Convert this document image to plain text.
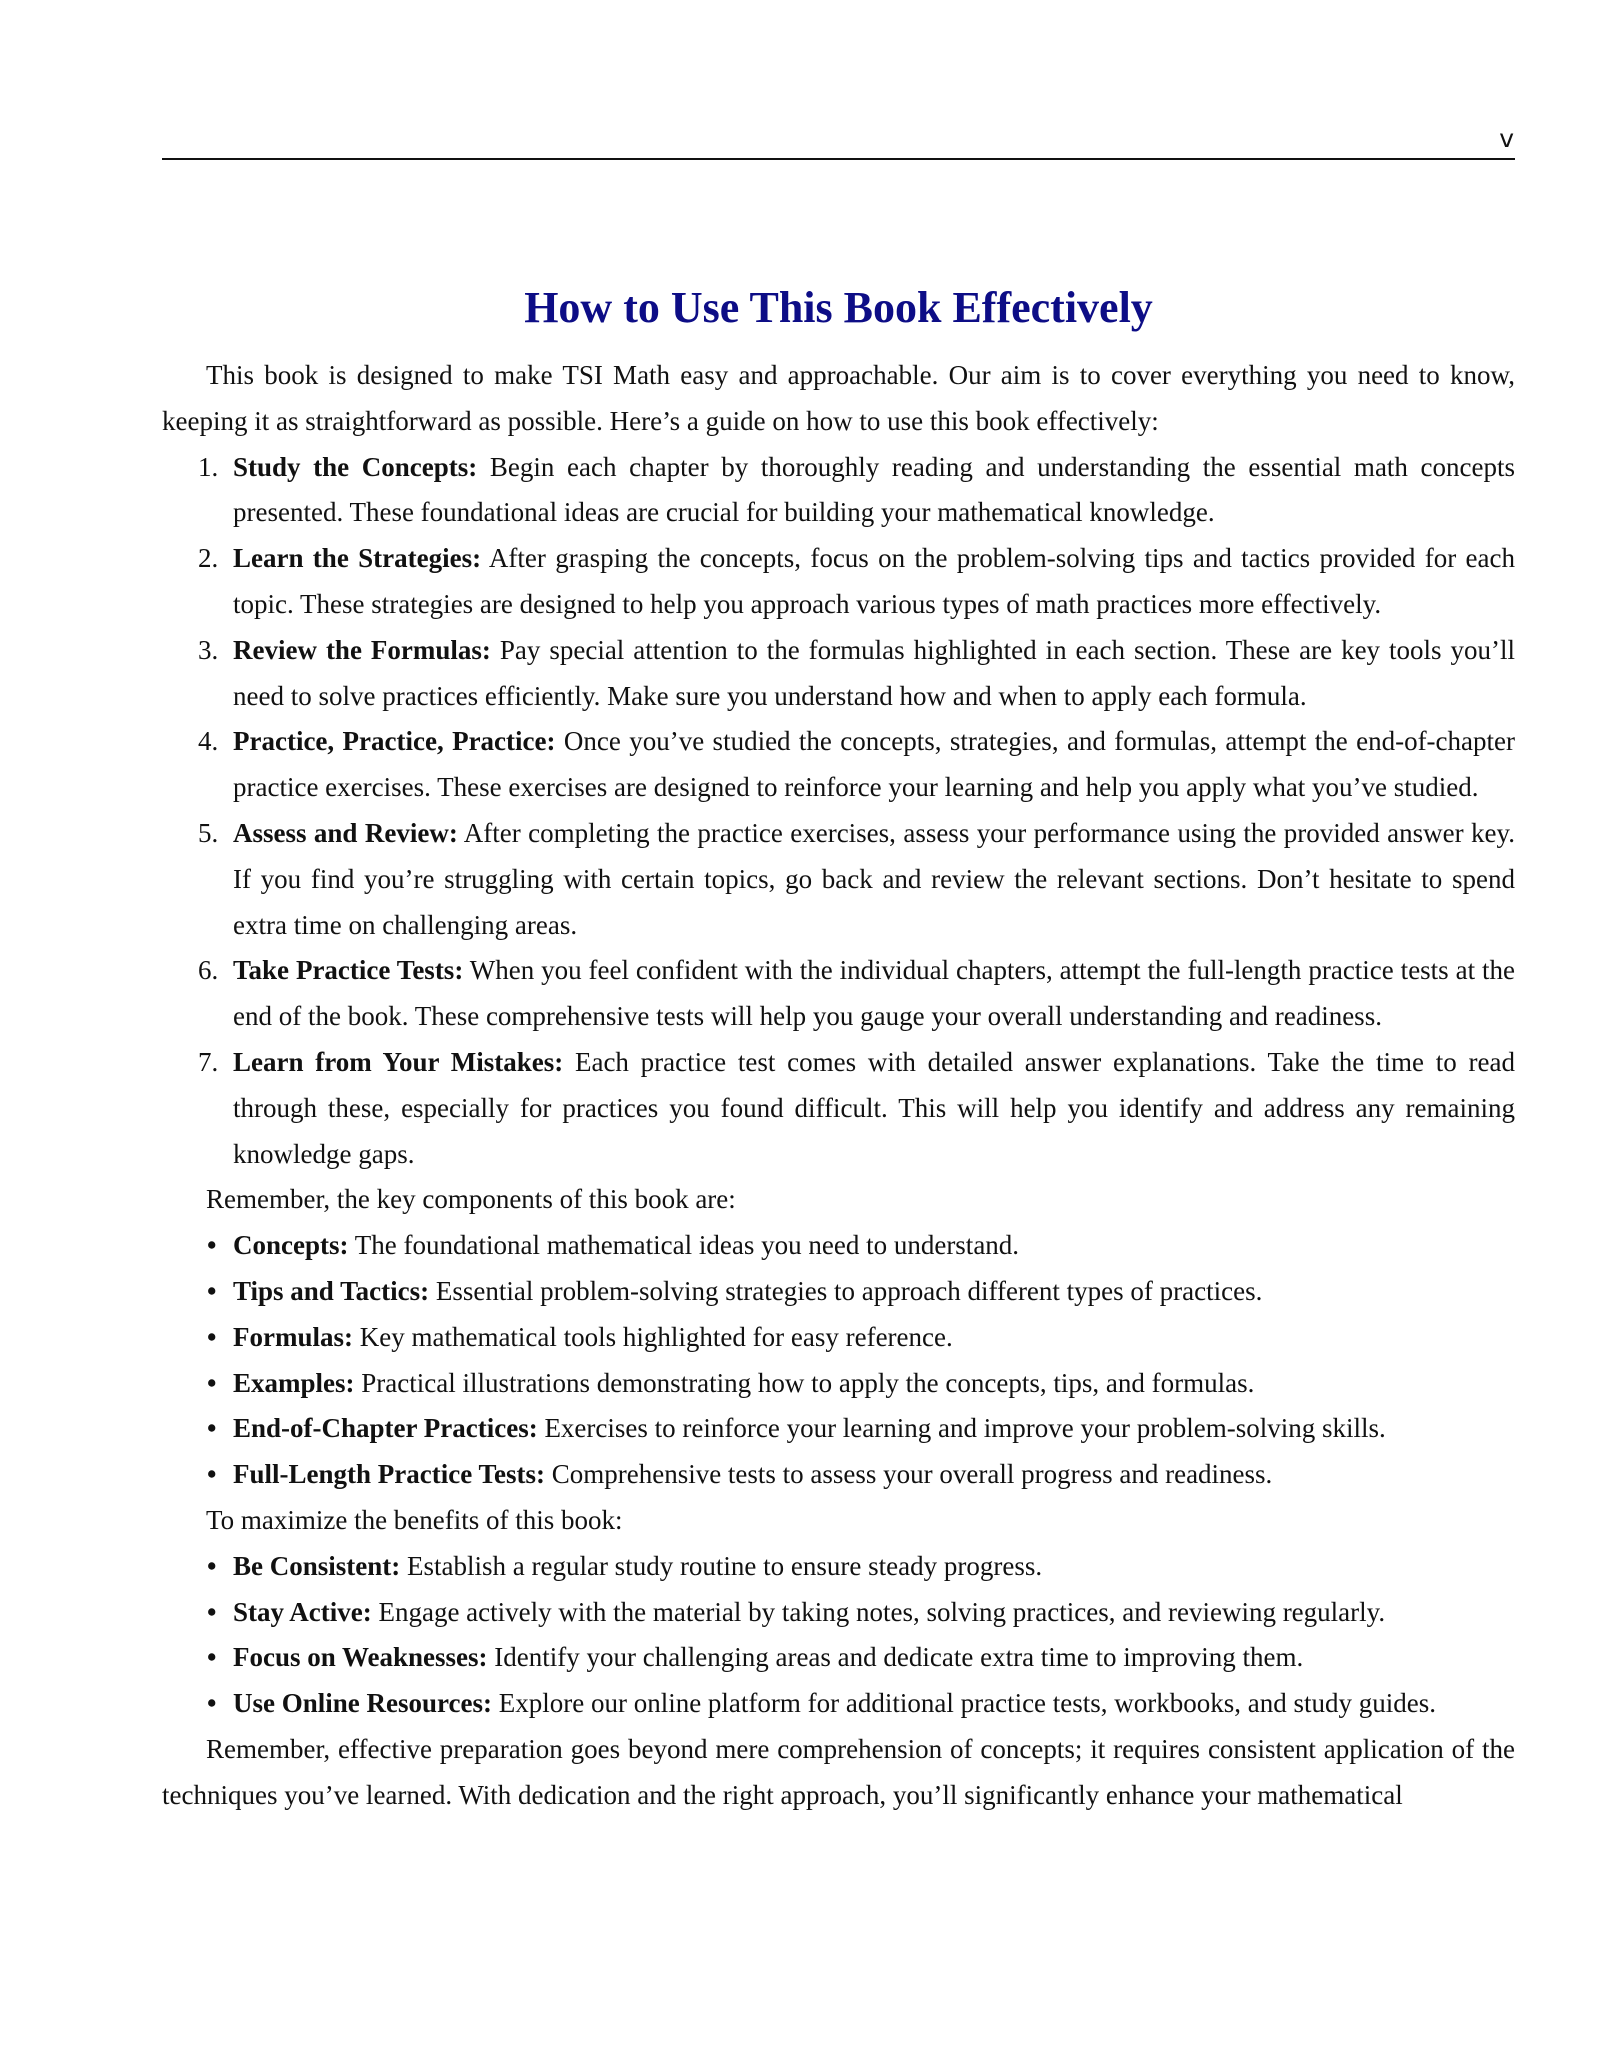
v
How to Use This Book Effectively

This book is designed to make TSI Math easy and approachable. Our aim is to cover everything you need to know, keeping it as straightforward as possible. Here’s a guide on how to use this book effectively:

1. Study the Concepts: Begin each chapter by thoroughly reading and understanding the essential math concepts presented. These foundational ideas are crucial for building your mathematical knowledge.
2. Learn the Strategies: After grasping the concepts, focus on the problem-solving tips and tactics provided for each topic. These strategies are designed to help you approach various types of math practices more effectively.
3. Review the Formulas: Pay special attention to the formulas highlighted in each section. These are key tools you’ll need to solve practices efficiently. Make sure you understand how and when to apply each formula.
4. Practice, Practice, Practice: Once you’ve studied the concepts, strategies, and formulas, attempt the end-of-chapter practice exercises. These exercises are designed to reinforce your learning and help you apply what you’ve studied.
5. Assess and Review: After completing the practice exercises, assess your performance using the provided answer key. If you find you’re struggling with certain topics, go back and review the relevant sections. Don’t hesitate to spend extra time on challenging areas.
6. Take Practice Tests: When you feel confident with the individual chapters, attempt the full-length practice tests at the end of the book. These comprehensive tests will help you gauge your overall understanding and readiness.
7. Learn from Your Mistakes: Each practice test comes with detailed answer explanations. Take the time to read through these, especially for practices you found difficult. This will help you identify and address any remaining knowledge gaps.

Remember, the key components of this book are:

• Concepts: The foundational mathematical ideas you need to understand.
• Tips and Tactics: Essential problem-solving strategies to approach different types of practices.
• Formulas: Key mathematical tools highlighted for easy reference.
• Examples: Practical illustrations demonstrating how to apply the concepts, tips, and formulas.
• End-of-Chapter Practices: Exercises to reinforce your learning and improve your problem-solving skills.
• Full-Length Practice Tests: Comprehensive tests to assess your overall progress and readiness.

To maximize the benefits of this book:

• Be Consistent: Establish a regular study routine to ensure steady progress.
• Stay Active: Engage actively with the material by taking notes, solving practices, and reviewing regularly.
• Focus on Weaknesses: Identify your challenging areas and dedicate extra time to improving them.
• Use Online Resources: Explore our online platform for additional practice tests, workbooks, and study guides.

Remember, effective preparation goes beyond mere comprehension of concepts; it requires consistent application of the techniques you’ve learned. With dedication and the right approach, you’ll significantly enhance your mathematical
